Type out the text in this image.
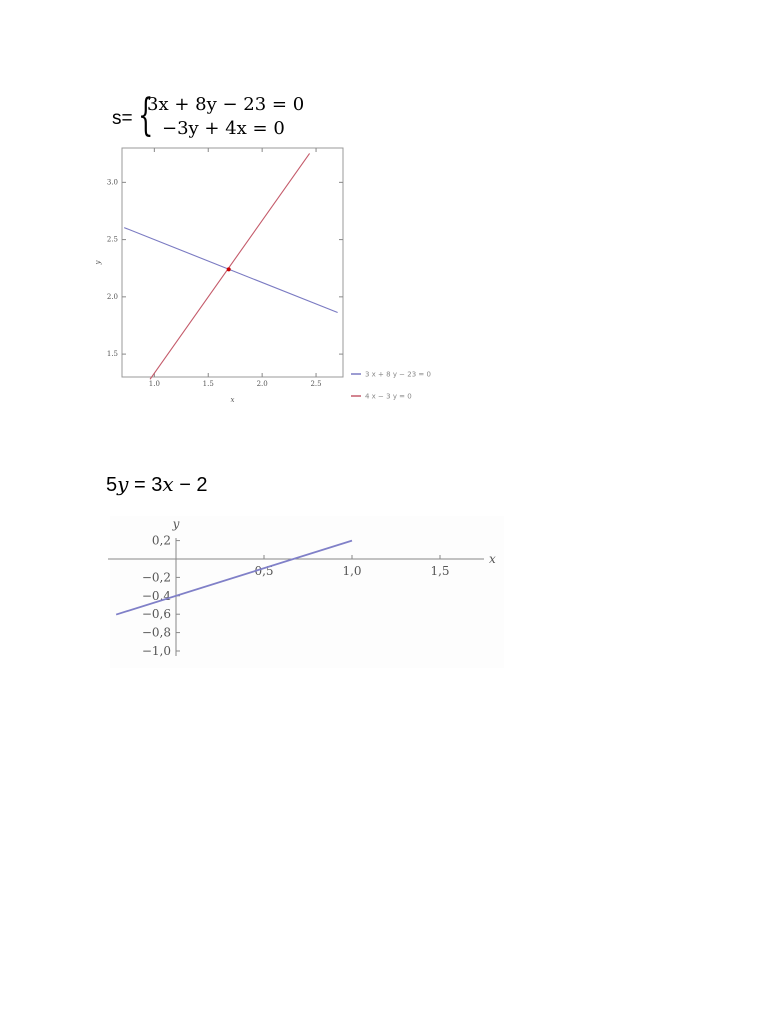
s= {
3x + 8y − 23 = 0
−3y + 4x = 0
1.0	1.5	2.0	2.5
1.5
2.0
2.5
3.0
x
y
3 x + 8 y − 23 = 0
4 x − 3 y = 0
5y = 3x − 2
0,5	1,0	1,5
0,2
−0,2
−0,4
−0,6
−0,8
−1,0
x
y
